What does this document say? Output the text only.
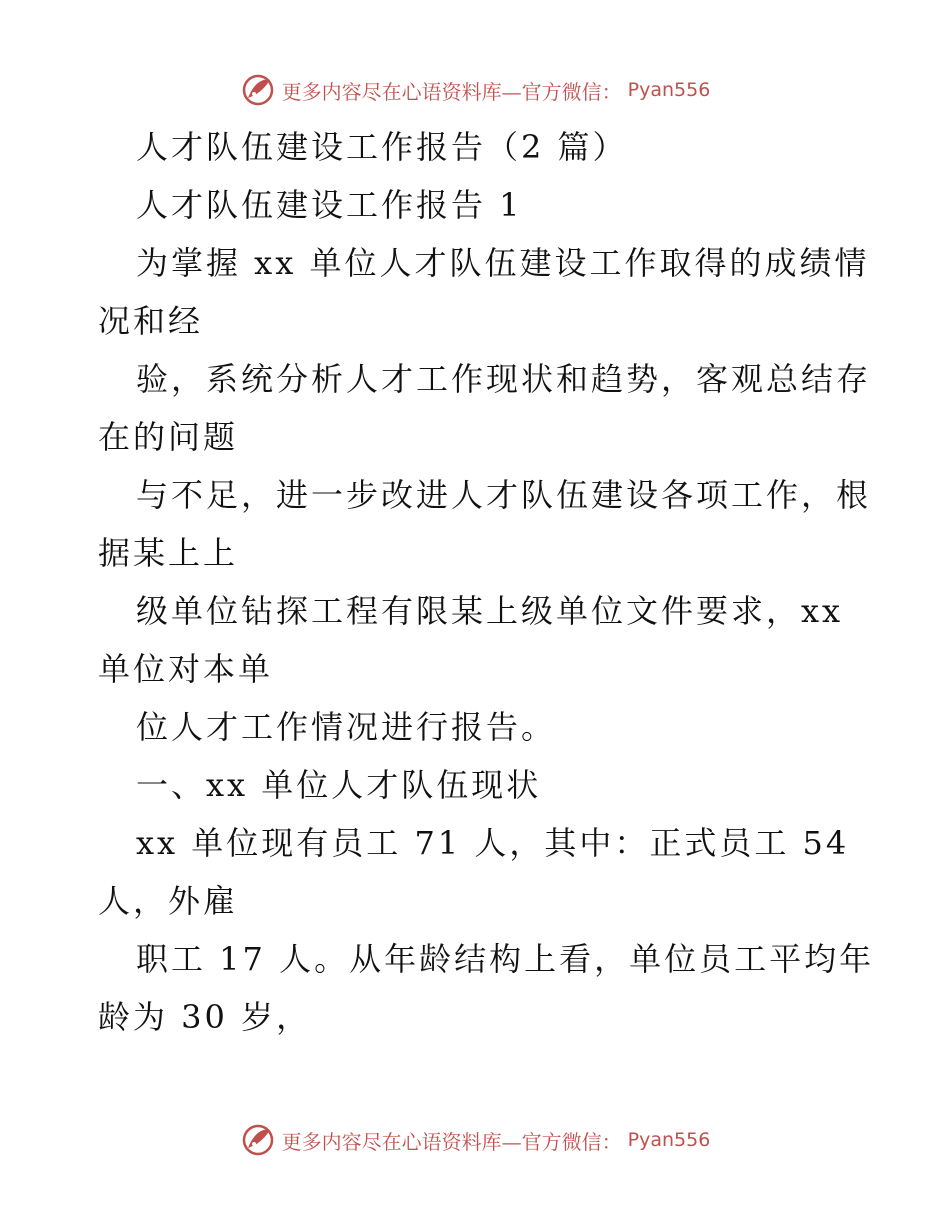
更多内容尽在心语资料库—官方微信： Pyan556
人才队伍建设工作报告（2 篇）
人才队伍建设工作报告 1
为掌握 xx 单位人才队伍建设工作取得的成绩情
况和经
验，系统分析人才工作现状和趋势，客观总结存
在的问题
与不足，进一步改进人才队伍建设各项工作，根
据某上上
级单位钻探工程有限某上级单位文件要求，xx
单位对本单
位人才工作情况进行报告。
一、xx 单位人才队伍现状
xx 单位现有员工 71 人，其中：正式员工 54
人，外雇
职工 17 人。从年龄结构上看，单位员工平均年
龄为 30 岁，
更多内容尽在心语资料库—官方微信： Pyan556
